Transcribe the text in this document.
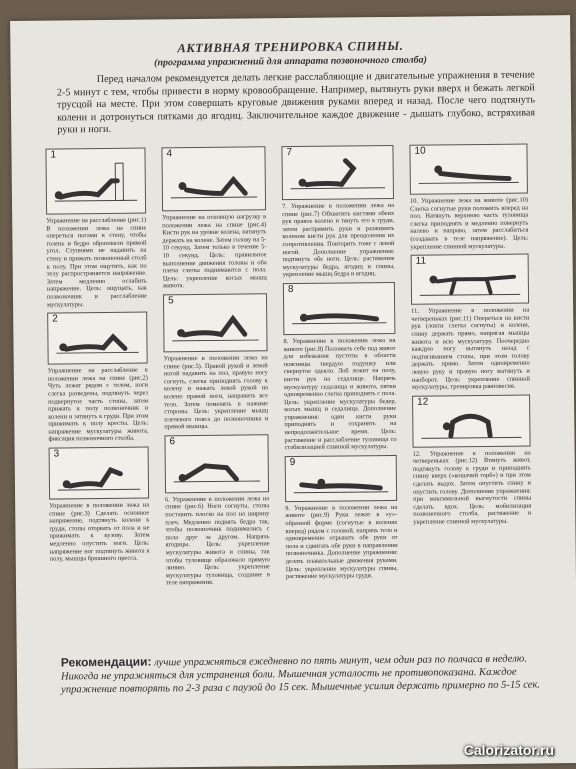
АКТИВНАЯ ТРЕНИРОВКА СПИНЫ.
(программа упражнений для аппарата позвоночного столба)
Перед началом рекомендуется делать легкие расслабляющие и двигательные упражнения в течение 2-5 минут с тем, чтобы привести в норму кровообращение. Например, вытянуть руки вверх и бежать легкой трусцой на месте. При этом совершать круговые движения руками вперед и назад. После чего подтянуть колени и дотронуться пятками до ягодиц. Заключительное каждое движение - дышать глубоко, встряхивая руки и ноги.
1
Упражнение на расслабление (рис.1) В положении лежа на спине опереться ногами в стену, чтобы голень и бедро образовали прямой угол. Ступнями не надавить на стену и прижать позвоночный столб к полу. При этом ощутить, как по телу распространяется напряжение. Затем медленно ослабить напряжение. Цель: ощущать, как позвоночник и расслабление мускулатуры.
2
Упражнение на расслабление в положении лежа на спине (рис.2) Чуть лежат рядом с телом, ноги слегка разведены, подтянуть через подвернутое часть стопы, затем прижать к полу позвоночник и колени и затянуть к груди. При этом прижимать к полу кресты. Цель: напряжение мускулатуры живота, фиксация позвоночного столба.
3
Упражнение в положении лежа на спине (рис.3) Сделать основное напряжение, подтянуть колени к груди, стопы оторвать от пола и не прижимать к кузову. Затем медленно опустить ноги. Цель: напряжение ног подтянуть живота к полу, мышцы брюшного пресса.
4
Упражнение на основную нагрузку в положении лежа на спине (рис.4) Кисти рук на уровне колена, натянуть держать на колене. Затем голову на 5-10 секунд. Затем только в течение 5-10 секунд. Цель: правильное выполнение движения головы и оба плеча слегка поднимаются с пола. Цель: укрепление косых мышц живота.
5
Упражнение в положении лежа на спине (рис.5). Правой рукой и левой ногой надавить на пол, правую ногу согнуть, слегка приподнять голову к колену и нажать левой рукой на колено правой ноги, направить все тело. Затем поменять в нажиме стороны. Цель: укрепление мышц плечевого пояса до позвоночника и прямой мышцы.
6
6. Упражнение в положении лежа на спине (рис.6) Ноги согнуты, стопы поставить плоско на пол на ширину плеч. Медленно поднять бедра так, чтобы позвоночник поднимались с пола друг за другом. Напрячь ягодицы. Цель: укрепление мускулатуры живота и спины, так чтобы туловище образовало прямую линию. Цель: укрепление мускулатуры туловища, создание в теле напряжения.
7
7. Упражнение в положении лежа на спине (рис.7) Обхватить кистями обеих рук правое колено и тянуть его к груди, затем распрямить руки и разжимать коленом кисти рук для преодоления их сопротивления. Повторить тоже с левой ногой. Дополнение упражнения: подтянуть обе ноги. Цель: растяжение мускулатуры бедра, ягодиц и спины, укрепление мышц бедра и ягодиц.
8
8. Упражнение в положении лежа на животе (рис.8) Положить себе под живот для избежания пустоты в области поясницы твердую подушку или свернутое одеяло. Лоб лежит на полу, кисти рук на седалище. Напрячь мускулатуру седалища и живота, пятки одновременно слегка приподнять с пола. Цель: укрепление мускулатуры бедер, косых мышц и седалища. Дополнение упражнения: один кисти руки приподнять и сохранять на непродолжительное время. Цель: растяжение и расслабление туловища со стабилизацией спинной мускулатуры.
9
9. Упражнение в положении лежа на животе (рис.9) Руки лежат в «у»-образной форме (согнутые в коленях вперед) рядом с головой, напрячь тело и одновременно отрывать обе руки от пола и сдвигать обе руки в направлении позвоночника. Дополнение упражнения: делать плавательные движения руками. Цель: укрепление мускулатуры спины, растяжение мускулатуры груди.
10
10. Упражнение лежа на животе (рис.10) Слегка согнутые руки положить вперед на пол. Натянуть верхнюю часть туловища слегка приподнять и медленно повернуть налево и направо, затем расслабиться (создавать в теле напряжение). Цель: укрепление спинной мускулатуры.
11
11. Упражнение в положении на четвереньках (рис.11) Опереться на кисти рук (локти слегка согнуты) и колени, спину держать прямо, напрягая мышцы живота и всю мускулатуру. Поочередно каждую ногу вытянуть назад с подтягиванием стопы, при этом голову держать прямо. Затем одновременно левую руку и правую ногу вытянуть и наоборот. Цель: укрепление спинной мускулатуры, тренировка равновесия.
12
12. Упражнение в положении на четвереньках (рис.12) Втянуть живот, подтянуть голову к груди и приподнять спину вверх («кошачий горб») и при этом сделать выдох. Затем опустить спину и опустить голову. Дополнение упражнения: при максимальной выгнутости спины сделать вдох. Цель: мобилизация позвоночного столба, растяжение и укрепление спинной мускулатуры.
Рекомендации: лучше упражняться ежедневно по пять минут, чем один раз по полчаса в неделю. Никогда не упражняться для устранения боли. Мышечная усталость не противопоказана. Каждое упражнение повторять по 2-3 раза с паузой до 15 сек. Мышечные усилия держать примерно по 5-15 сек.
Calorizator.ru
